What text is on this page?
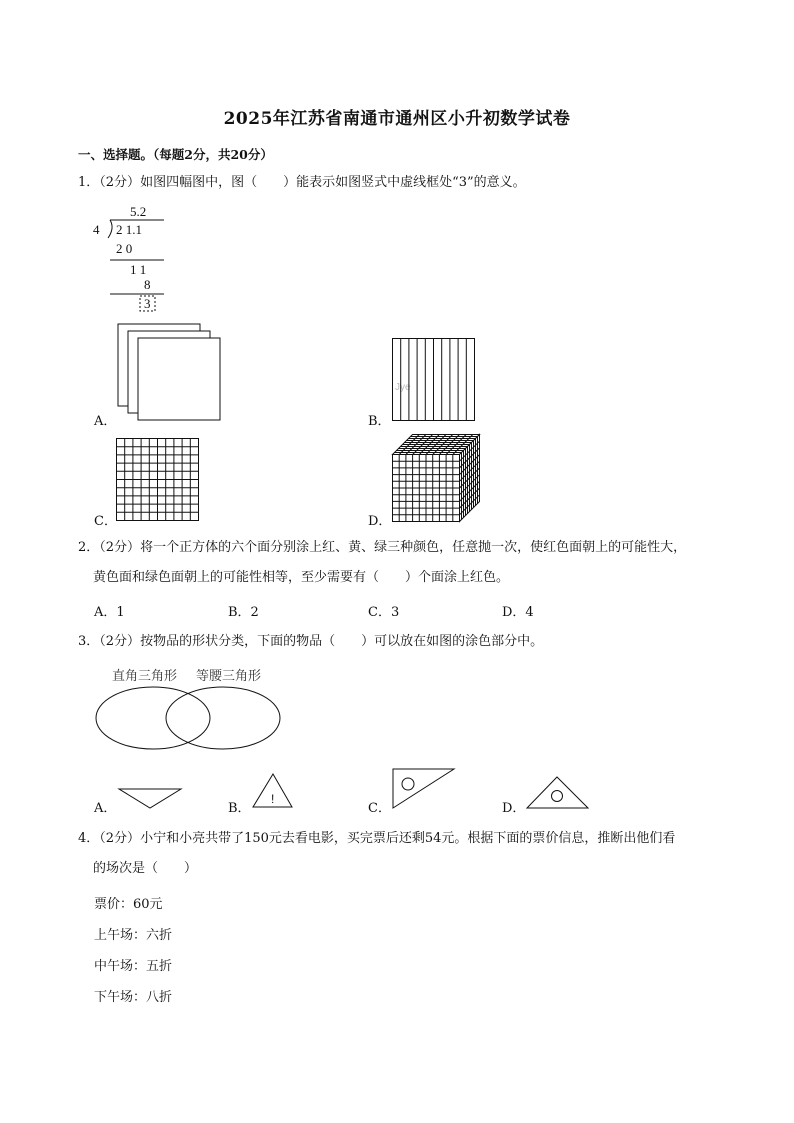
2025年江苏省南通市通州区小升初数学试卷
一、选择题。（每题2分，共20分）
1．（2分）如图四幅图中，图（　　）能表示如图竖式中虚线框处“3”的意义。
5.2
4 2 1.1
2 0
1 1
8
3
A．	B．
Jye
C．	D．
2．（2分）将一个正方体的六个面分别涂上红、黄、绿三种颜色，任意抛一次，使红色面朝上的可能性大，
黄色面和绿色面朝上的可能性相等，至少需要有（　　）个面涂上红色。
A．1	B．2	C．3	D．4
3．（2分）按物品的形状分类，下面的物品（　　）可以放在如图的涂色部分中。
直角三角形 等腰三角形
A．	B．
!
C．	D．
4．（2分）小宁和小亮共带了150元去看电影，买完票后还剩54元。根据下面的票价信息，推断出他们看
的场次是（　　）
票价：60元
上午场：六折
中午场：五折
下午场：八折
